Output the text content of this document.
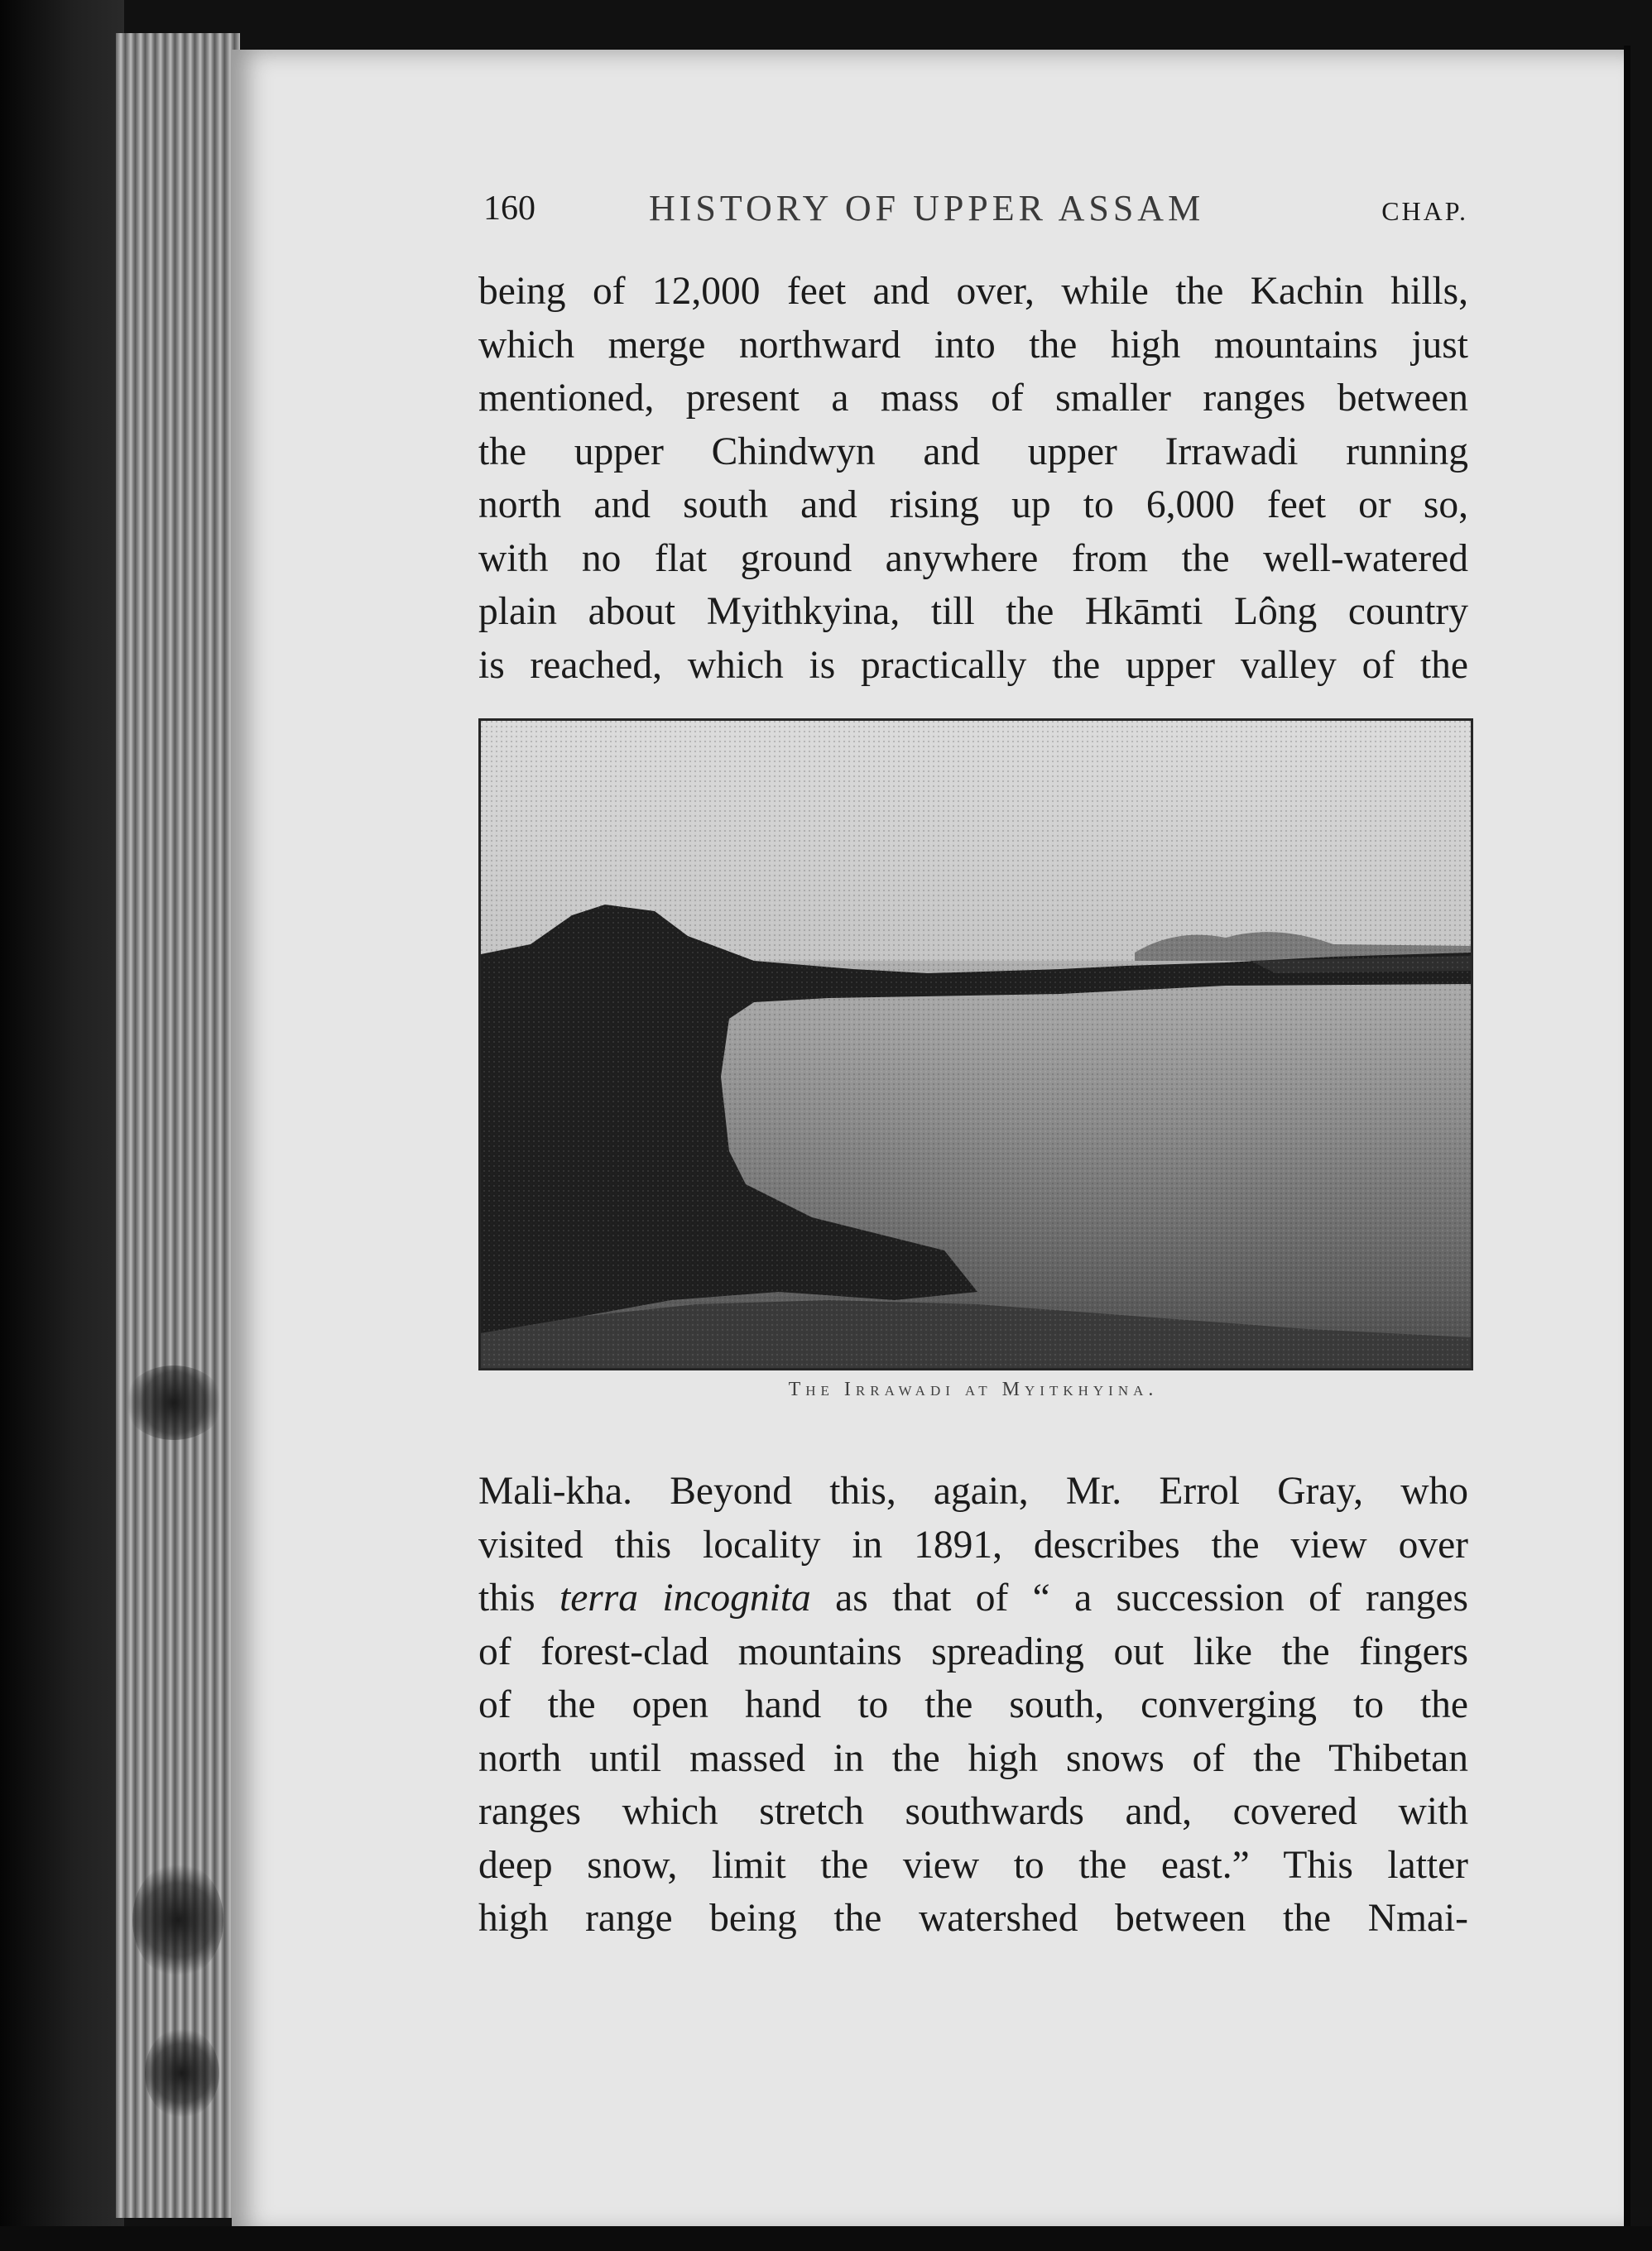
160	HISTORY OF UPPER ASSAM	CHAP.

being of 12,000 feet and over, while the Kachin hills,
which merge northward into the high mountains just
mentioned, present a mass of smaller ranges between
the upper Chindwyn and upper Irrawadi running
north and south and rising up to 6,000 feet or so,
with no flat ground anywhere from the well-watered
plain about Myithkyina, till the Hkāmti Lông country
is reached, which is practically the upper valley of the

The Irrawadi at Myitkhyina.

Mali-kha. Beyond this, again, Mr. Errol Gray, who
visited this locality in 1891, describes the view over
this terra incognita as that of “ a succession of ranges
of forest-clad mountains spreading out like the fingers
of the open hand to the south, converging to the
north until massed in the high snows of the Thibetan
ranges which stretch southwards and, covered with
deep snow, limit the view to the east.” This latter
high range being the watershed between the Nmai-
